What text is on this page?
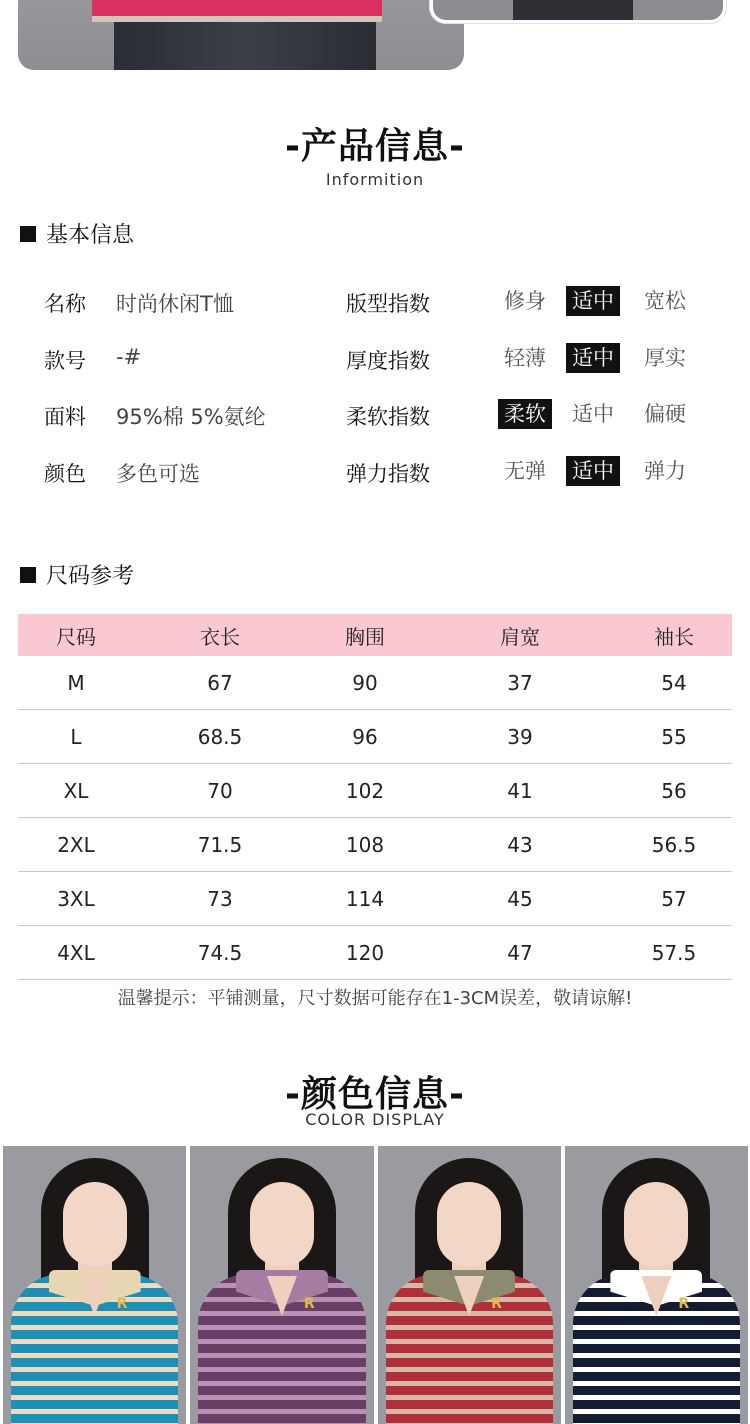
-产品信息-
Informition
基本信息
名称 时尚休闲T恤	版型指数	修身 适中 宽松
款号 -#	厚度指数	轻薄 适中 厚实
面料 95%棉 5%氨纶	柔软指数	柔软 适中 偏硬
颜色 多色可选	弹力指数	无弹 适中 弹力
尺码参考
尺码	衣长	胸围	肩宽	袖长
M	67	90	37	54
L	68.5	96	39	55
XL	70	102	41	56
2XL	71.5	108	43	56.5
3XL	73	114	45	57
4XL	74.5	120	47	57.5
温馨提示：平铺测量，尺寸数据可能存在1-3CM误差，敬请谅解!
-颜色信息-
COLOR DISPLAY
R	R	R	R
